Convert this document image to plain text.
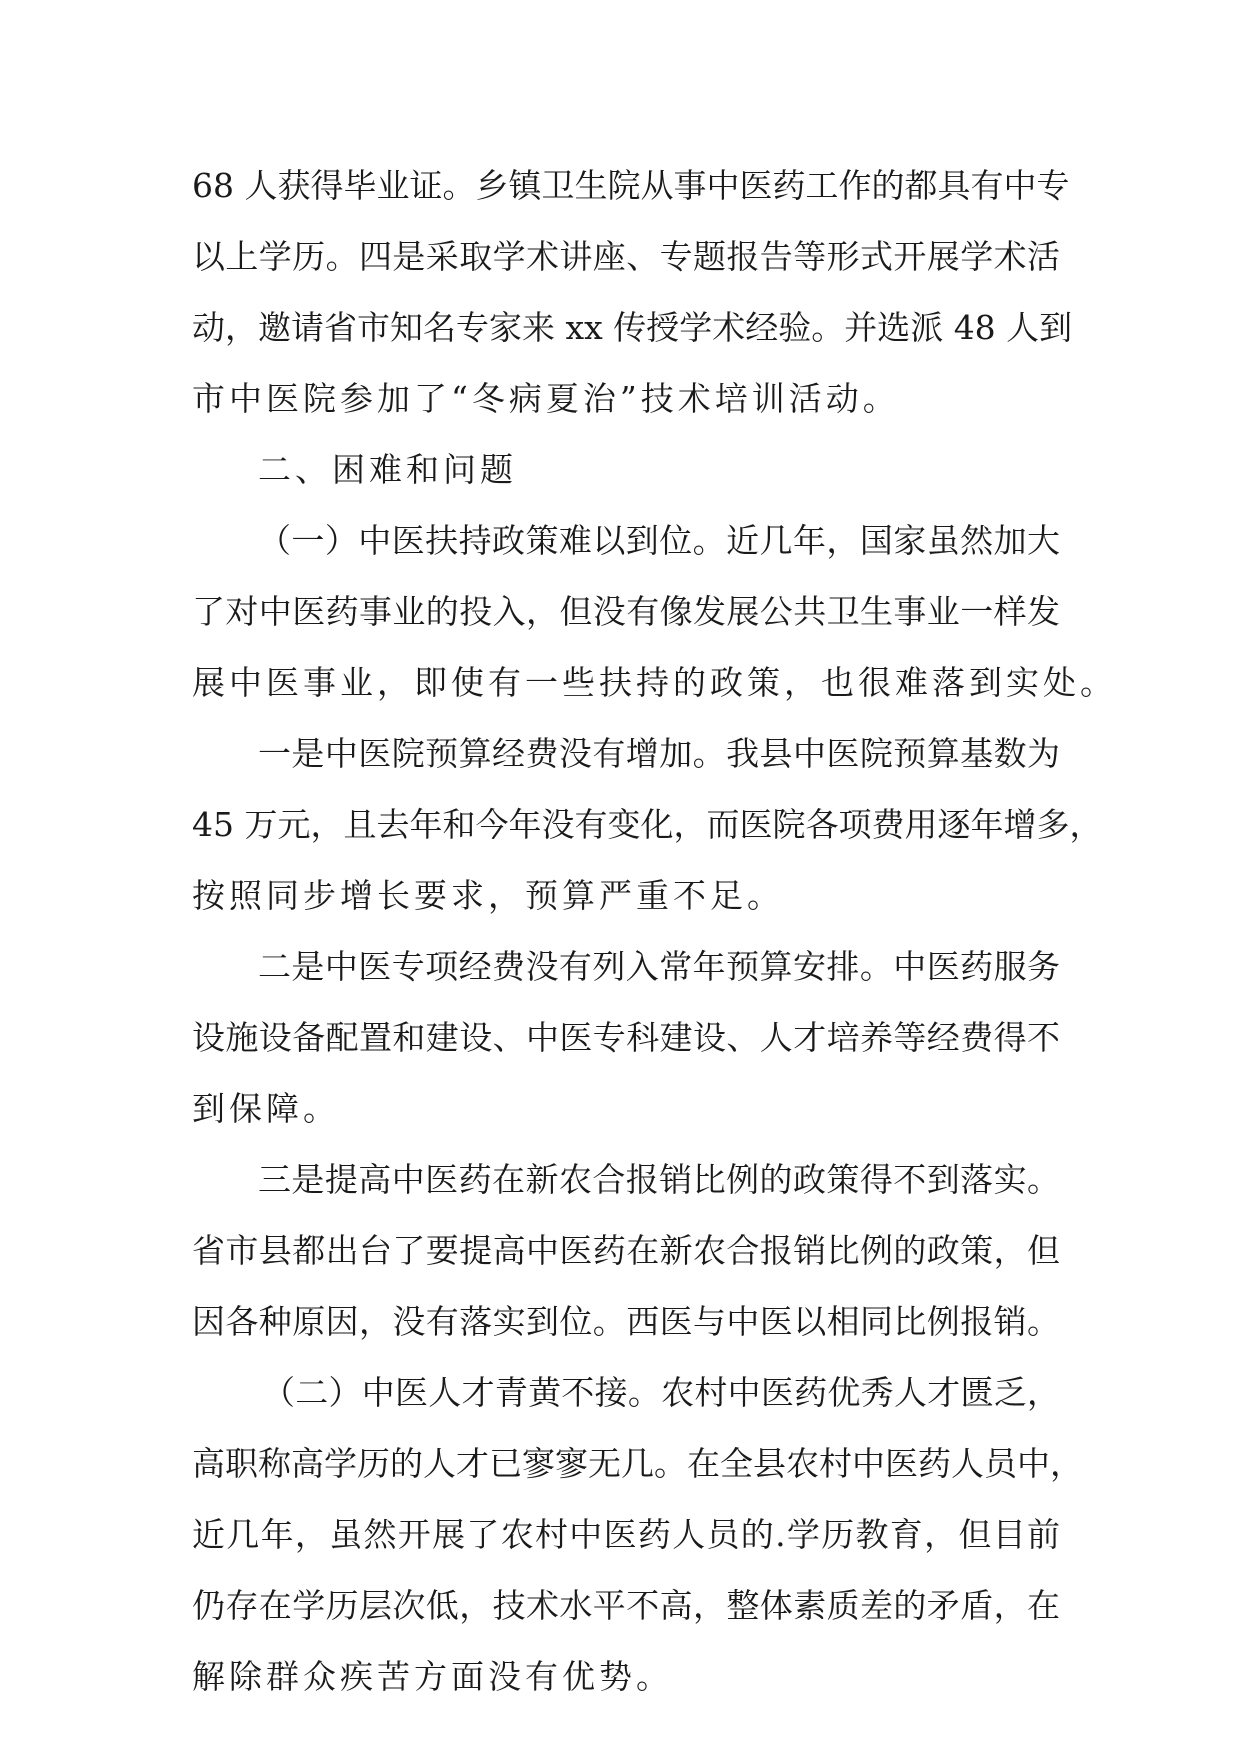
68 人获得毕业证。乡镇卫生院从事中医药工作的都具有中专
以上学历。四是采取学术讲座、专题报告等形式开展学术活
动，邀请省市知名专家来 xx 传授学术经验。并选派 48 人到
市中医院参加了“冬病夏治”技术培训活动。
二、困难和问题
（一）中医扶持政策难以到位。近几年，国家虽然加大
了对中医药事业的投入，但没有像发展公共卫生事业一样发
展中医事业，即使有一些扶持的政策，也很难落到实处。
一是中医院预算经费没有增加。我县中医院预算基数为
45 万元，且去年和今年没有变化，而医院各项费用逐年增多，
按照同步增长要求，预算严重不足。
二是中医专项经费没有列入常年预算安排。中医药服务
设施设备配置和建设、中医专科建设、人才培养等经费得不
到保障。
三是提高中医药在新农合报销比例的政策得不到落实。
省市县都出台了要提高中医药在新农合报销比例的政策，但
因各种原因，没有落实到位。西医与中医以相同比例报销。
（二）中医人才青黄不接。农村中医药优秀人才匮乏，
高职称高学历的人才已寥寥无几。在全县农村中医药人员中，
近几年，虽然开展了农村中医药人员的.学历教育，但目前
仍存在学历层次低，技术水平不高，整体素质差的矛盾，在
解除群众疾苦方面没有优势。
